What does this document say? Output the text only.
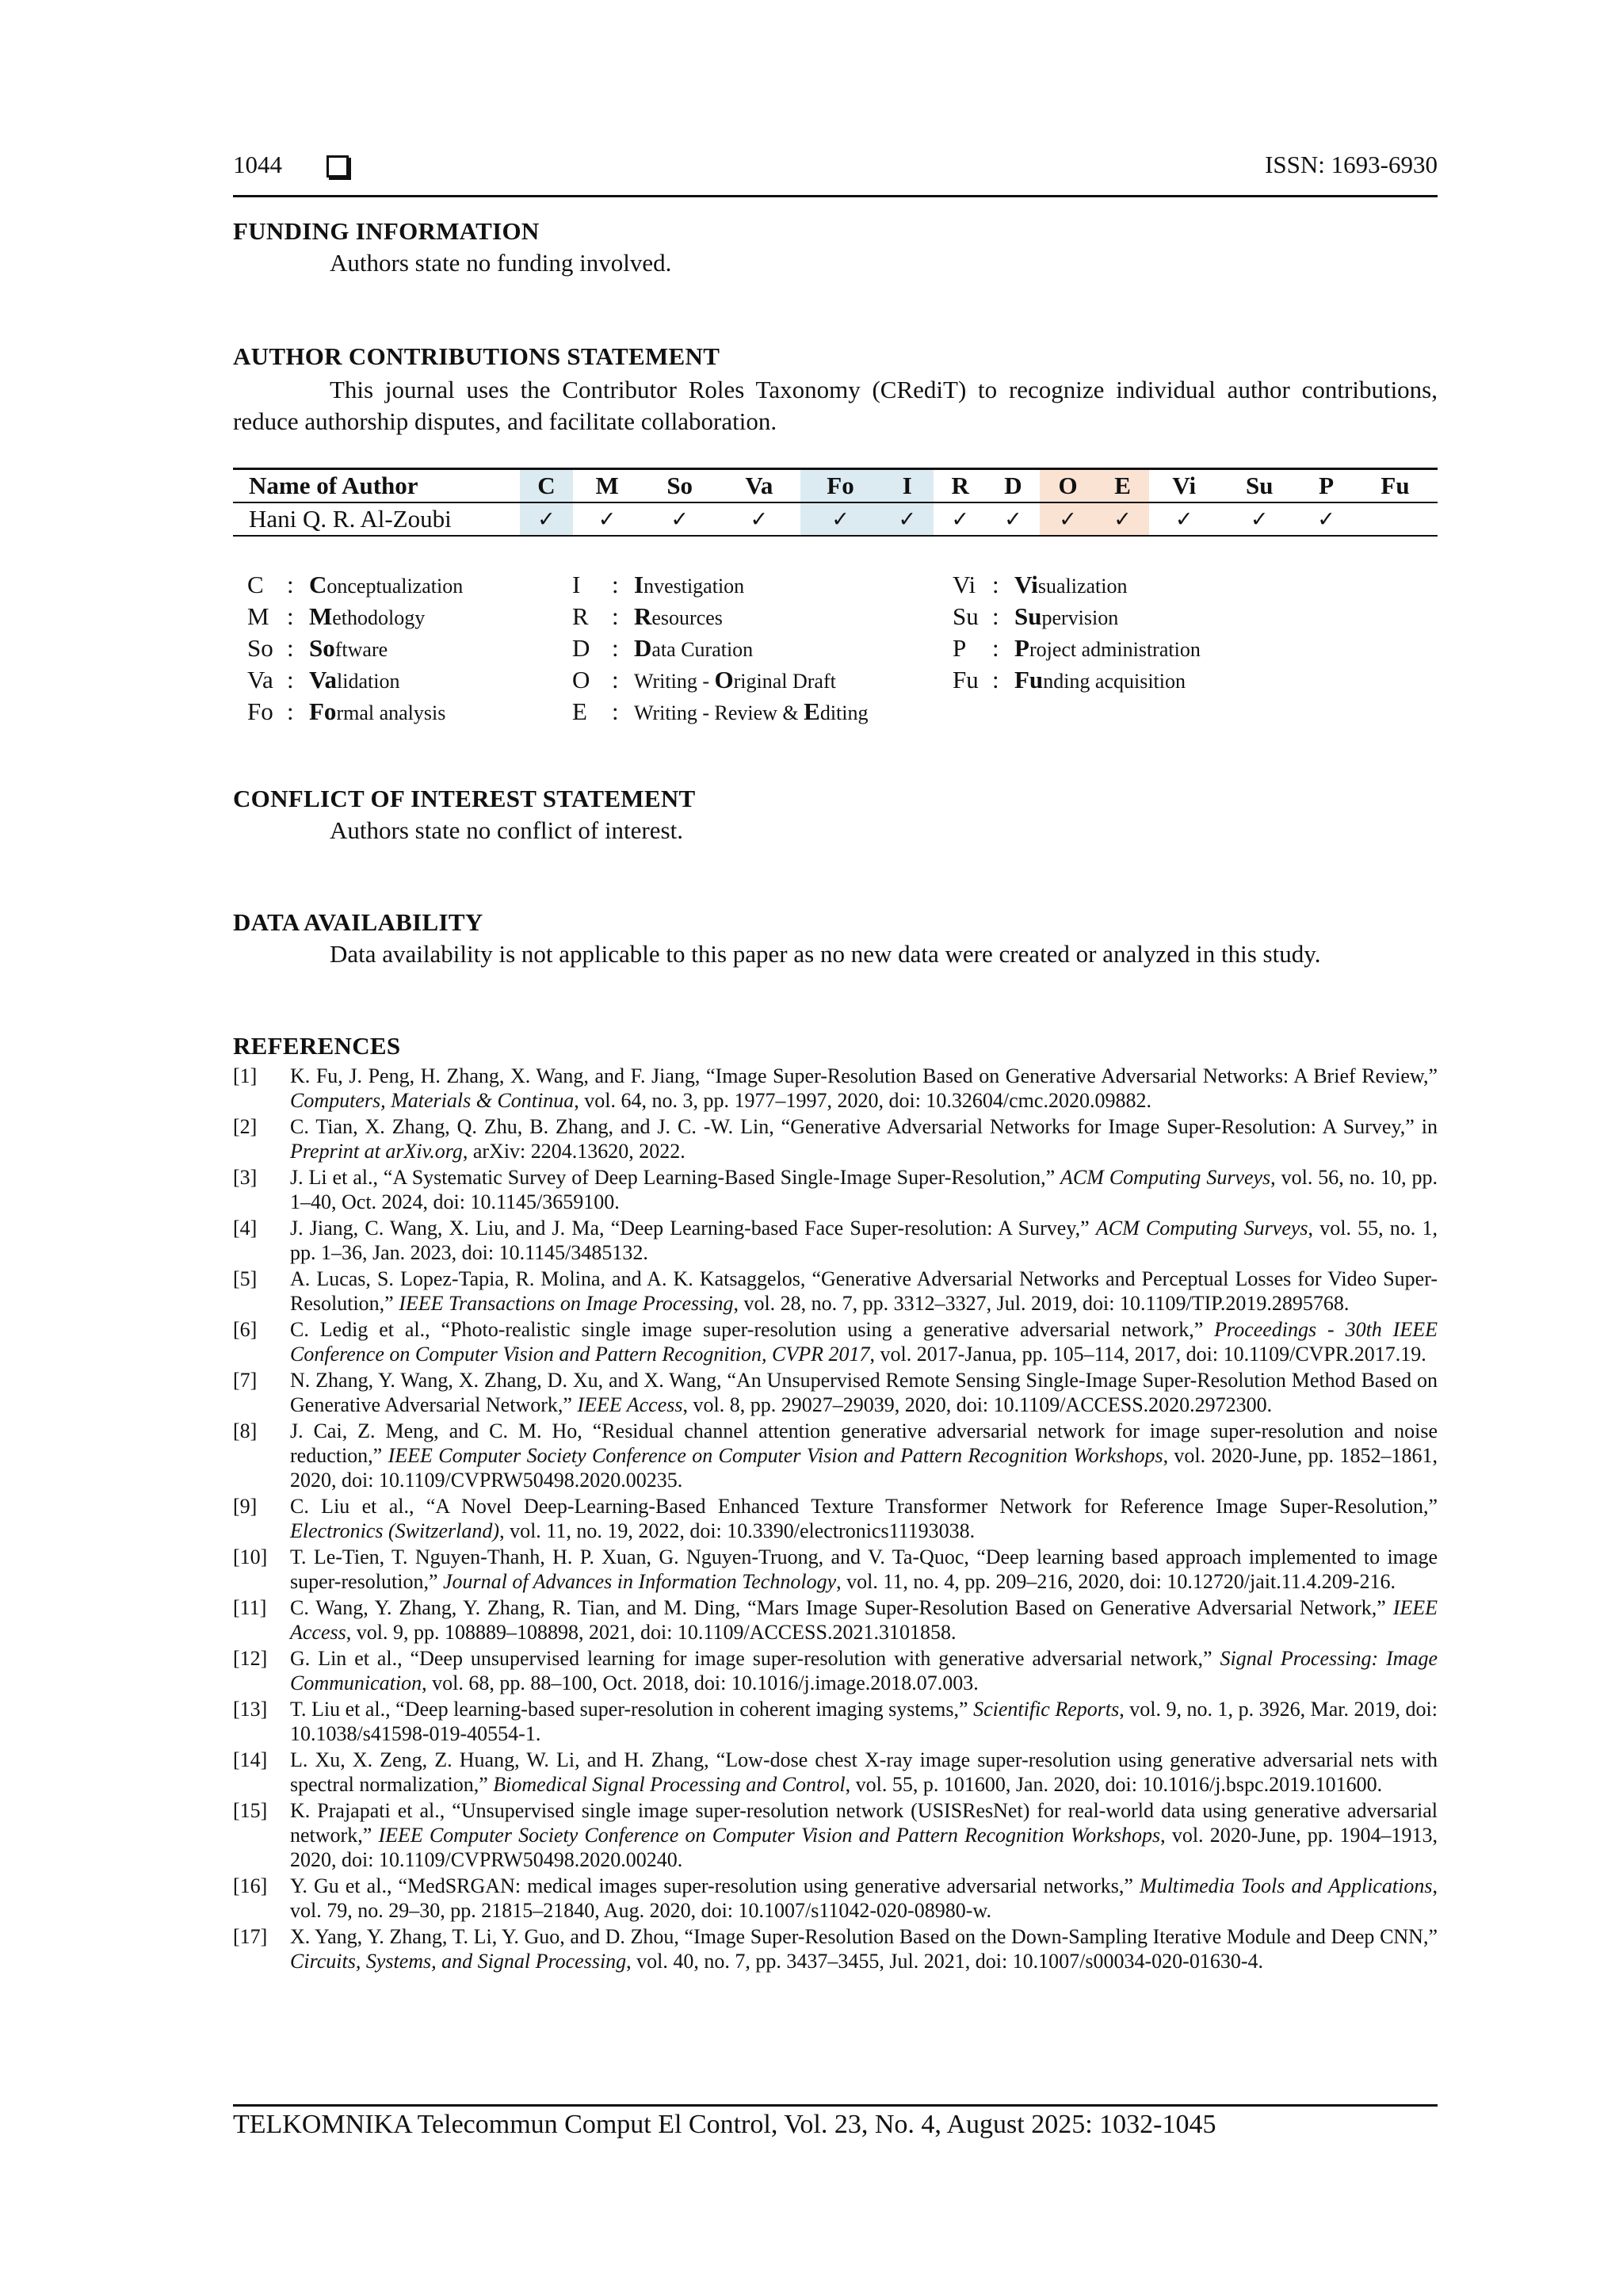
1044	ISSN: 1693-6930
FUNDING INFORMATION
Authors state no funding involved.
AUTHOR CONTRIBUTIONS STATEMENT
This journal uses the Contributor Roles Taxonomy (CRediT) to recognize individual author contributions, reduce authorship disputes, and facilitate collaboration.
Name of Author	C	M	So	Va	Fo	I	R	D	O	E	Vi	Su	P	Fu
Hani Q. R. Al-Zoubi	✓	✓	✓	✓	✓	✓	✓	✓	✓	✓	✓	✓	✓	
C : Conceptualization
M : Methodology
So : Software
Va : Validation
Fo : Formal analysis
I : Investigation
R : Resources
D : Data Curation
O : Writing - Original Draft
E : Writing - Review & Editing
Vi : Visualization
Su : Supervision
P : Project administration
Fu : Funding acquisition
CONFLICT OF INTEREST STATEMENT
Authors state no conflict of interest.
DATA AVAILABILITY
Data availability is not applicable to this paper as no new data were created or analyzed in this study.
REFERENCES
[1] K. Fu, J. Peng, H. Zhang, X. Wang, and F. Jiang, “Image Super-Resolution Based on Generative Adversarial Networks: A Brief Review,” Computers, Materials & Continua, vol. 64, no. 3, pp. 1977–1997, 2020, doi: 10.32604/cmc.2020.09882.
[2] C. Tian, X. Zhang, Q. Zhu, B. Zhang, and J. C. -W. Lin, “Generative Adversarial Networks for Image Super-Resolution: A Survey,” in Preprint at arXiv.org, arXiv: 2204.13620, 2022.
[3] J. Li et al., “A Systematic Survey of Deep Learning-Based Single-Image Super-Resolution,” ACM Computing Surveys, vol. 56, no. 10, pp. 1–40, Oct. 2024, doi: 10.1145/3659100.
[4] J. Jiang, C. Wang, X. Liu, and J. Ma, “Deep Learning-based Face Super-resolution: A Survey,” ACM Computing Surveys, vol. 55, no. 1, pp. 1–36, Jan. 2023, doi: 10.1145/3485132.
[5] A. Lucas, S. Lopez-Tapia, R. Molina, and A. K. Katsaggelos, “Generative Adversarial Networks and Perceptual Losses for Video Super-Resolution,” IEEE Transactions on Image Processing, vol. 28, no. 7, pp. 3312–3327, Jul. 2019, doi: 10.1109/TIP.2019.2895768.
[6] C. Ledig et al., “Photo-realistic single image super-resolution using a generative adversarial network,” Proceedings - 30th IEEE Conference on Computer Vision and Pattern Recognition, CVPR 2017, vol. 2017-Janua, pp. 105–114, 2017, doi: 10.1109/CVPR.2017.19.
[7] N. Zhang, Y. Wang, X. Zhang, D. Xu, and X. Wang, “An Unsupervised Remote Sensing Single-Image Super-Resolution Method Based on Generative Adversarial Network,” IEEE Access, vol. 8, pp. 29027–29039, 2020, doi: 10.1109/ACCESS.2020.2972300.
[8] J. Cai, Z. Meng, and C. M. Ho, “Residual channel attention generative adversarial network for image super-resolution and noise reduction,” IEEE Computer Society Conference on Computer Vision and Pattern Recognition Workshops, vol. 2020-June, pp. 1852–1861, 2020, doi: 10.1109/CVPRW50498.2020.00235.
[9] C. Liu et al., “A Novel Deep-Learning-Based Enhanced Texture Transformer Network for Reference Image Super-Resolution,” Electronics (Switzerland), vol. 11, no. 19, 2022, doi: 10.3390/electronics11193038.
[10] T. Le-Tien, T. Nguyen-Thanh, H. P. Xuan, G. Nguyen-Truong, and V. Ta-Quoc, “Deep learning based approach implemented to image super-resolution,” Journal of Advances in Information Technology, vol. 11, no. 4, pp. 209–216, 2020, doi: 10.12720/jait.11.4.209-216.
[11] C. Wang, Y. Zhang, Y. Zhang, R. Tian, and M. Ding, “Mars Image Super-Resolution Based on Generative Adversarial Network,” IEEE Access, vol. 9, pp. 108889–108898, 2021, doi: 10.1109/ACCESS.2021.3101858.
[12] G. Lin et al., “Deep unsupervised learning for image super-resolution with generative adversarial network,” Signal Processing: Image Communication, vol. 68, pp. 88–100, Oct. 2018, doi: 10.1016/j.image.2018.07.003.
[13] T. Liu et al., “Deep learning-based super-resolution in coherent imaging systems,” Scientific Reports, vol. 9, no. 1, p. 3926, Mar. 2019, doi: 10.1038/s41598-019-40554-1.
[14] L. Xu, X. Zeng, Z. Huang, W. Li, and H. Zhang, “Low-dose chest X-ray image super-resolution using generative adversarial nets with spectral normalization,” Biomedical Signal Processing and Control, vol. 55, p. 101600, Jan. 2020, doi: 10.1016/j.bspc.2019.101600.
[15] K. Prajapati et al., “Unsupervised single image super-resolution network (USISResNet) for real-world data using generative adversarial network,” IEEE Computer Society Conference on Computer Vision and Pattern Recognition Workshops, vol. 2020-June, pp. 1904–1913, 2020, doi: 10.1109/CVPRW50498.2020.00240.
[16] Y. Gu et al., “MedSRGAN: medical images super-resolution using generative adversarial networks,” Multimedia Tools and Applications, vol. 79, no. 29–30, pp. 21815–21840, Aug. 2020, doi: 10.1007/s11042-020-08980-w.
[17] X. Yang, Y. Zhang, T. Li, Y. Guo, and D. Zhou, “Image Super-Resolution Based on the Down-Sampling Iterative Module and Deep CNN,” Circuits, Systems, and Signal Processing, vol. 40, no. 7, pp. 3437–3455, Jul. 2021, doi: 10.1007/s00034-020-01630-4.
TELKOMNIKA Telecommun Comput El Control, Vol. 23, No. 4, August 2025: 1032-1045
